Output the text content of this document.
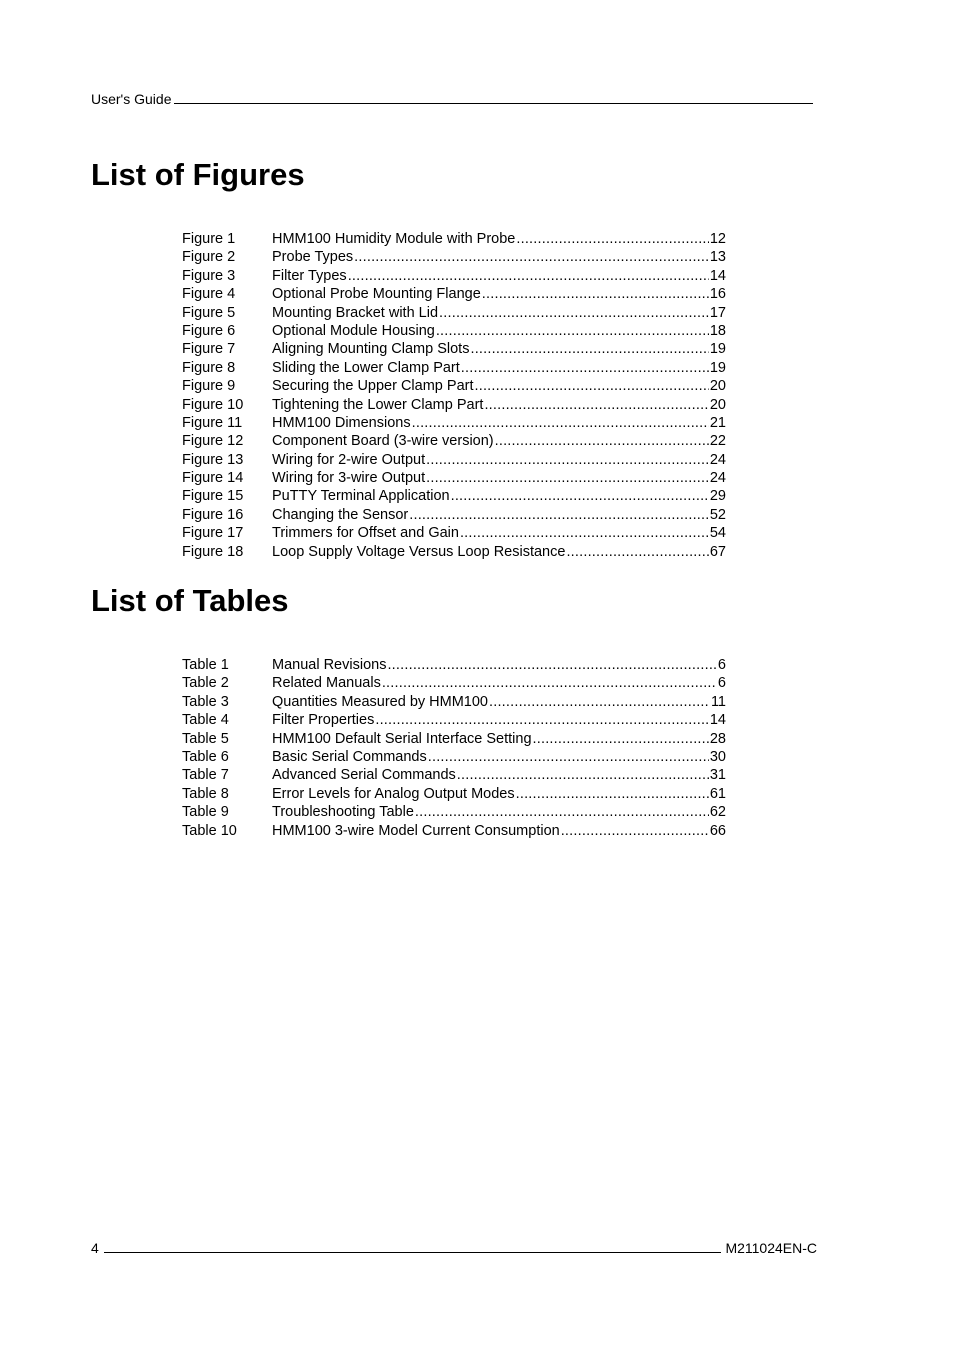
User's Guide
List of Figures
Figure 1	HMM100 Humidity Module with Probe .....	12
Figure 2	Probe Types .....	13
Figure 3	Filter Types .....	14
Figure 4	Optional Probe Mounting Flange .....	16
Figure 5	Mounting Bracket with Lid .....	17
Figure 6	Optional Module Housing .....	18
Figure 7	Aligning Mounting Clamp Slots .....	19
Figure 8	Sliding the Lower Clamp Part .....	19
Figure 9	Securing the Upper Clamp Part .....	20
Figure 10	Tightening the Lower Clamp Part .....	20
Figure 11	HMM100 Dimensions .....	21
Figure 12	Component Board (3-wire version) .....	22
Figure 13	Wiring for 2-wire Output .....	24
Figure 14	Wiring for 3-wire Output .....	24
Figure 15	PuTTY Terminal Application .....	29
Figure 16	Changing the Sensor .....	52
Figure 17	Trimmers for Offset and Gain .....	54
Figure 18	Loop Supply Voltage Versus Loop Resistance .....	67
List of Tables
Table 1	Manual Revisions .....	6
Table 2	Related Manuals .....	6
Table 3	Quantities Measured by HMM100 .....	11
Table 4	Filter Properties .....	14
Table 5	HMM100 Default Serial Interface Setting .....	28
Table 6	Basic Serial Commands .....	30
Table 7	Advanced Serial Commands .....	31
Table 8	Error Levels for Analog Output Modes .....	61
Table 9	Troubleshooting Table .....	62
Table 10	HMM100 3-wire Model Current Consumption .....	66
4	M211024EN-C
